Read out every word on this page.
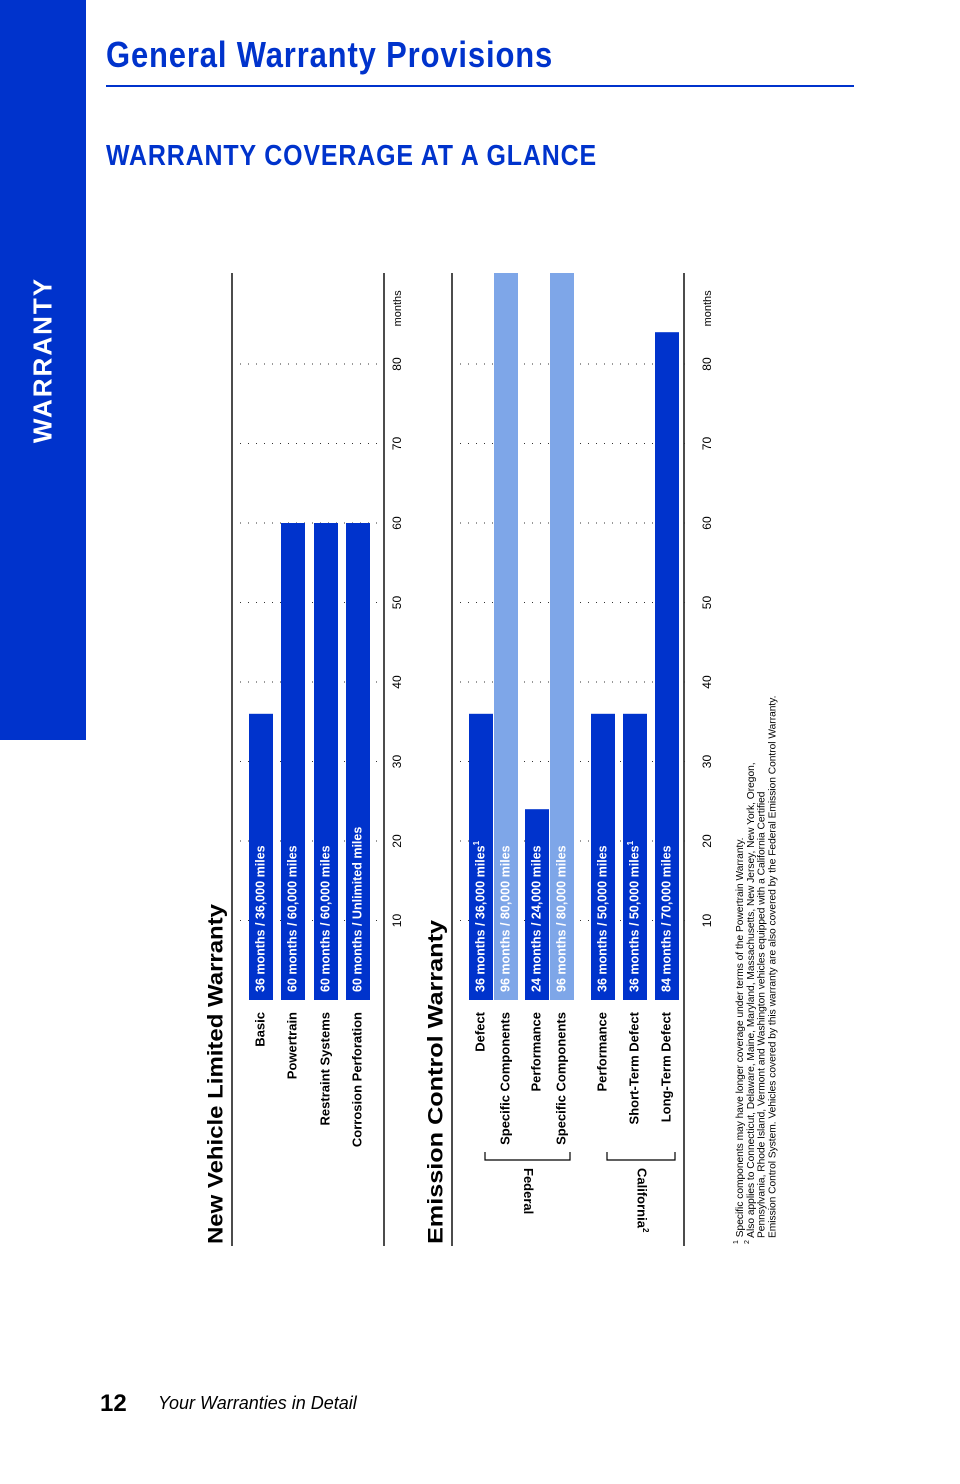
WARRANTY
General Warranty Provisions
WARRANTY COVERAGE AT A GLANCE
New Vehicle Limited Warranty
10
20
30
40
50
60
70
80
months
36 months / 36,000 miles
Basic
60 months / 60,000 miles
Powertrain
60 months / 60,000 miles
Restraint Systems
60 months / Unlimited miles
Corrosion Perforation	Emission Control Warranty
10
20
30
40
50
60
70
80
months
36 months / 36,000 miles$^1$
Defect
96 months / 80,000 miles
Specific Components
24 months / 24,000 miles
Performance
96 months / 80,000 miles
Specific Components
36 months / 50,000 miles
Performance
36 months / 50,000 miles$^1$
Short-Term Defect
84 months / 70,000 miles
Long-Term Defect
Federal	California$^2$
$^1$ Specific components may have longer coverage under terms of the Powertrain Warranty.
$^2$ Also applies to Connecticut, Delaware, Maine, Maryland, Massachusetts, New Jersey, New York, Oregon, Pennsylvania, Rhode Island, Vermont and Washington vehicles equipped with a California Certified Emission Control System. Vehicles covered by this warranty are also covered by the Federal Emission Control Warranty.
12 Your Warranties in Detail
